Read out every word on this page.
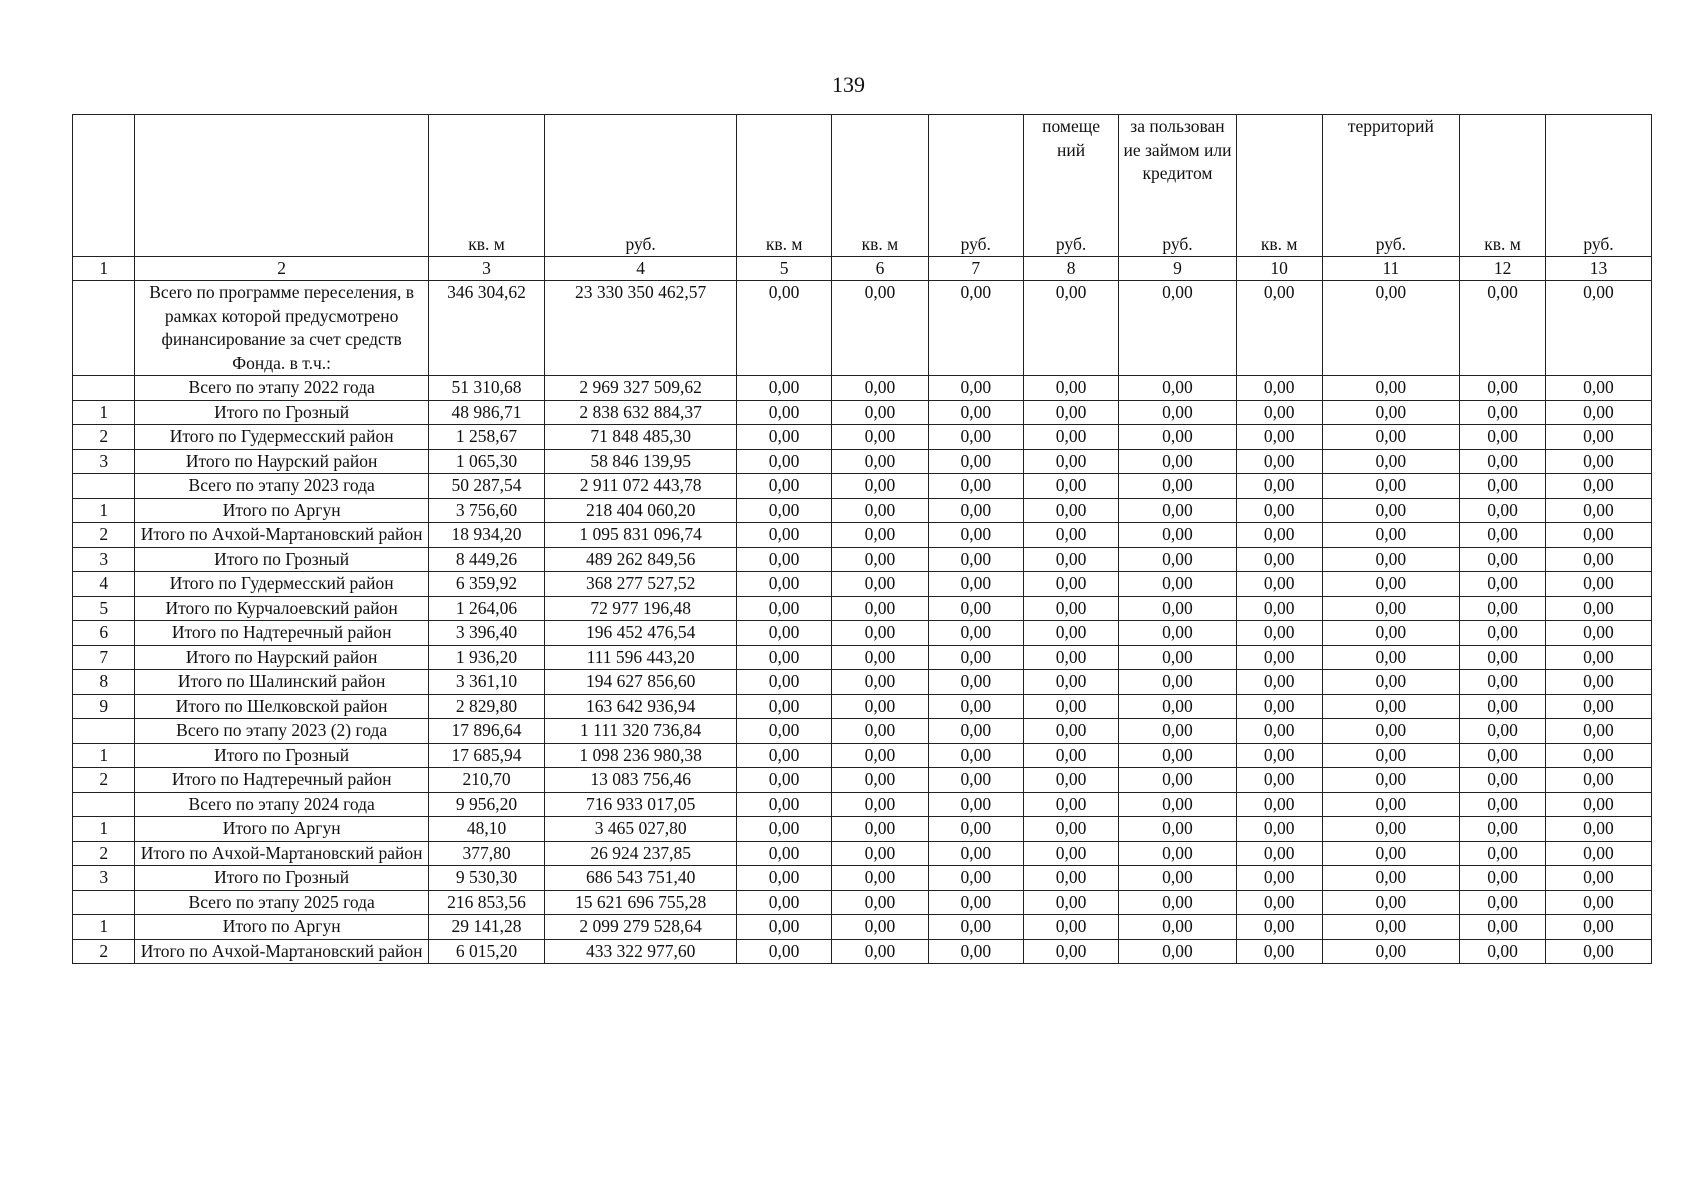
139

							помеще ний	за пользован ие займом или кредитом		территорий		

		кв. м	руб.	кв. м	кв. м	руб.	руб.	руб.	кв. м	руб.	кв. м	руб.
1	2	3	4	5	6	7	8	9	10	11	12	13
	Всего по программе переселения, в рамках которой предусмотрено финансирование за счет средств Фонда. в т.ч.:	346 304,62	23 330 350 462,57	0,00	0,00	0,00	0,00	0,00	0,00	0,00	0,00	0,00
	Всего по этапу 2022 года	51 310,68	2 969 327 509,62	0,00	0,00	0,00	0,00	0,00	0,00	0,00	0,00	0,00
1	Итого по Грозный	48 986,71	2 838 632 884,37	0,00	0,00	0,00	0,00	0,00	0,00	0,00	0,00	0,00
2	Итого по Гудермесский район	1 258,67	71 848 485,30	0,00	0,00	0,00	0,00	0,00	0,00	0,00	0,00	0,00
3	Итого по Наурский район	1 065,30	58 846 139,95	0,00	0,00	0,00	0,00	0,00	0,00	0,00	0,00	0,00
	Всего по этапу 2023 года	50 287,54	2 911 072 443,78	0,00	0,00	0,00	0,00	0,00	0,00	0,00	0,00	0,00
1	Итого по Аргун	3 756,60	218 404 060,20	0,00	0,00	0,00	0,00	0,00	0,00	0,00	0,00	0,00
2	Итого по Ачхой-Мартановский район	18 934,20	1 095 831 096,74	0,00	0,00	0,00	0,00	0,00	0,00	0,00	0,00	0,00
3	Итого по Грозный	8 449,26	489 262 849,56	0,00	0,00	0,00	0,00	0,00	0,00	0,00	0,00	0,00
4	Итого по Гудермесский район	6 359,92	368 277 527,52	0,00	0,00	0,00	0,00	0,00	0,00	0,00	0,00	0,00
5	Итого по Курчалоевский район	1 264,06	72 977 196,48	0,00	0,00	0,00	0,00	0,00	0,00	0,00	0,00	0,00
6	Итого по Надтеречный район	3 396,40	196 452 476,54	0,00	0,00	0,00	0,00	0,00	0,00	0,00	0,00	0,00
7	Итого по Наурский район	1 936,20	111 596 443,20	0,00	0,00	0,00	0,00	0,00	0,00	0,00	0,00	0,00
8	Итого по Шалинский район	3 361,10	194 627 856,60	0,00	0,00	0,00	0,00	0,00	0,00	0,00	0,00	0,00
9	Итого по Шелковской район	2 829,80	163 642 936,94	0,00	0,00	0,00	0,00	0,00	0,00	0,00	0,00	0,00
	Всего по этапу 2023 (2) года	17 896,64	1 111 320 736,84	0,00	0,00	0,00	0,00	0,00	0,00	0,00	0,00	0,00
1	Итого по Грозный	17 685,94	1 098 236 980,38	0,00	0,00	0,00	0,00	0,00	0,00	0,00	0,00	0,00
2	Итого по Надтеречный район	210,70	13 083 756,46	0,00	0,00	0,00	0,00	0,00	0,00	0,00	0,00	0,00
	Всего по этапу 2024 года	9 956,20	716 933 017,05	0,00	0,00	0,00	0,00	0,00	0,00	0,00	0,00	0,00
1	Итого по Аргун	48,10	3 465 027,80	0,00	0,00	0,00	0,00	0,00	0,00	0,00	0,00	0,00
2	Итого по Ачхой-Мартановский район	377,80	26 924 237,85	0,00	0,00	0,00	0,00	0,00	0,00	0,00	0,00	0,00
3	Итого по Грозный	9 530,30	686 543 751,40	0,00	0,00	0,00	0,00	0,00	0,00	0,00	0,00	0,00
	Всего по этапу 2025 года	216 853,56	15 621 696 755,28	0,00	0,00	0,00	0,00	0,00	0,00	0,00	0,00	0,00
1	Итого по Аргун	29 141,28	2 099 279 528,64	0,00	0,00	0,00	0,00	0,00	0,00	0,00	0,00	0,00
2	Итого по Ачхой-Мартановский район	6 015,20	433 322 977,60	0,00	0,00	0,00	0,00	0,00	0,00	0,00	0,00	0,00
